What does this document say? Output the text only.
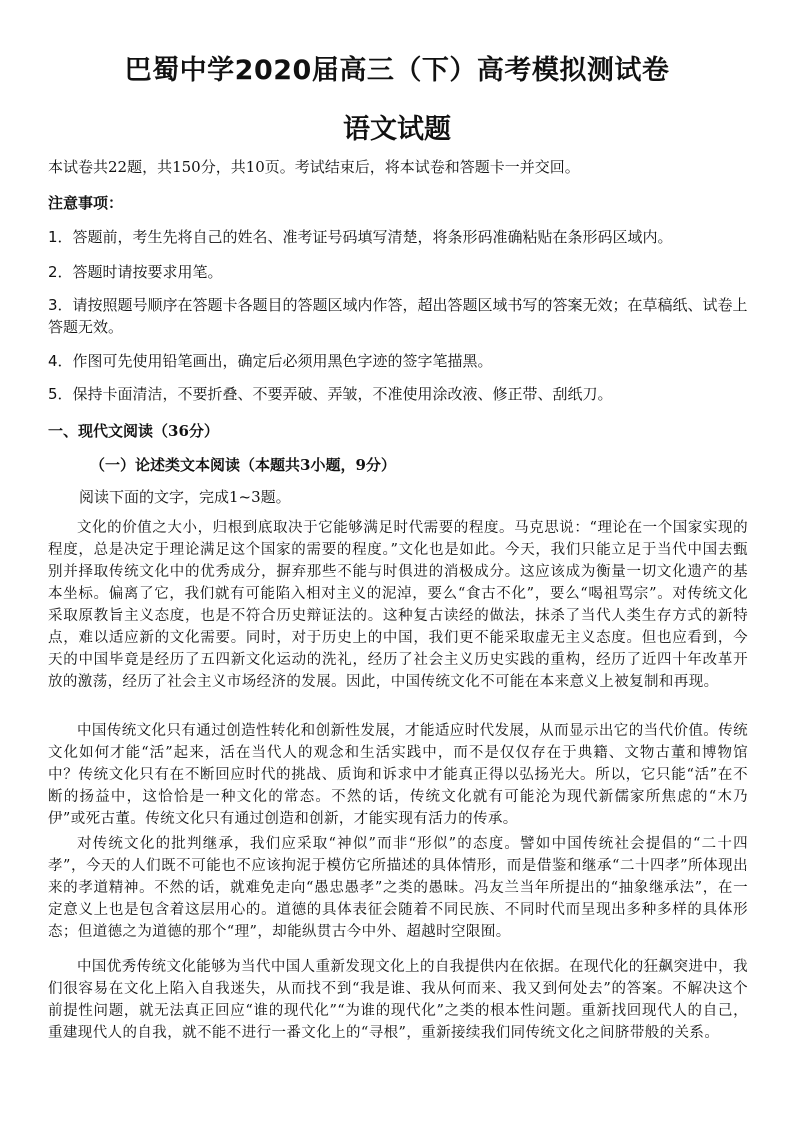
巴蜀中学2020届高三（下）高考模拟测试卷
语文试题
本试卷共22题，共150分，共10页。考试结束后，将本试卷和答题卡一并交回。
注意事项：
1．答题前，考生先将自己的姓名、准考证号码填写清楚，将条形码准确粘贴在条形码区域内。
2．答题时请按要求用笔。
3．请按照题号顺序在答题卡各题目的答题区域内作答，超出答题区域书写的答案无效；在草稿纸、试卷上答题无效。
4．作图可先使用铅笔画出，确定后必须用黑色字迹的签字笔描黑。
5．保持卡面清洁，不要折叠、不要弄破、弄皱，不准使用涂改液、修正带、刮纸刀。
一、现代文阅读（36分）
（一）论述类文本阅读（本题共3小题，9分）
阅读下面的文字，完成1~3题。
文化的价值之大小，归根到底取决于它能够满足时代需要的程度。马克思说：“理论在一个国家实现的程度，总是决定于理论满足这个国家的需要的程度。”文化也是如此。今天，我们只能立足于当代中国去甄别并择取传统文化中的优秀成分，摒弃那些不能与时俱进的消极成分。这应该成为衡量一切文化遗产的基本坐标。偏离了它，我们就有可能陷入相对主义的泥淖，要么“食古不化”，要么“喝祖骂宗”。对传统文化采取原教旨主义态度，也是不符合历史辩证法的。这种复古读经的做法，抹杀了当代人类生存方式的新特点，难以适应新的文化需要。同时，对于历史上的中国，我们更不能采取虚无主义态度。但也应看到，今天的中国毕竟是经历了五四新文化运动的洗礼，经历了社会主义历史实践的重构，经历了近四十年改革开放的激荡，经历了社会主义市场经济的发展。因此，中国传统文化不可能在本来意义上被复制和再现。
中国传统文化只有通过创造性转化和创新性发展，才能适应时代发展，从而显示出它的当代价值。传统文化如何才能“活”起来，活在当代人的观念和生活实践中，而不是仅仅存在于典籍、文物古董和博物馆中？传统文化只有在不断回应时代的挑战、质询和诉求中才能真正得以弘扬光大。所以，它只能“活”在不断的扬益中，这恰恰是一种文化的常态。不然的话，传统文化就有可能沦为现代新儒家所焦虑的“木乃伊”或死古董。传统文化只有通过创造和创新，才能实现有活力的传承。
对传统文化的批判继承，我们应采取“神似”而非“形似”的态度。譬如中国传统社会提倡的“二十四孝”，今天的人们既不可能也不应该拘泥于模仿它所描述的具体情形，而是借鉴和继承“二十四孝”所体现出来的孝道精神。不然的话，就难免走向“愚忠愚孝”之类的愚昧。冯友兰当年所提出的“抽象继承法”，在一定意义上也是包含着这层用心的。道德的具体表征会随着不同民族、不同时代而呈现出多种多样的具体形态；但道德之为道德的那个“理”，却能纵贯古今中外、超越时空限囿。
中国优秀传统文化能够为当代中国人重新发现文化上的自我提供内在依据。在现代化的狂飙突进中，我们很容易在文化上陷入自我迷失，从而找不到“我是谁、我从何而来、我又到何处去”的答案。不解决这个前提性问题，就无法真正回应“谁的现代化”“为谁的现代化”之类的根本性问题。重新找回现代人的自己，重建现代人的自我，就不能不进行一番文化上的“寻根”，重新接续我们同传统文化之间脐带般的关系。
